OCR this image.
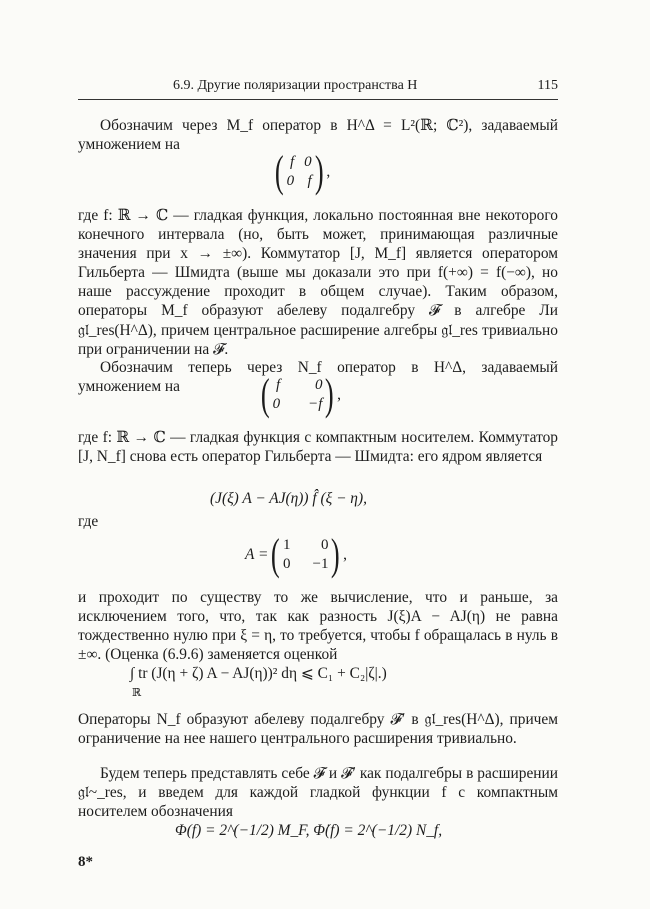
6.9. Другие поляризации пространства H	115
Обозначим через M_f оператор в H^Δ = L²(ℝ; ℂ²), задаваемый умножением на
( f 0
0 f ) ,
где f: ℝ → ℂ — гладкая функция, локально постоянная вне некоторого конечного интервала (но, быть может, принимающая различные значения при x → ±∞). Коммутатор [J, M_f] является оператором Гильберта — Шмидта (выше мы доказали это при f(+∞) = f(−∞), но наше рассуждение проходит в общем случае). Таким образом, операторы M_f образуют абелеву подалгебру 𝓕 в алгебре Ли 𝔤𝔩_res(H^Δ), причем центральное расширение алгебры 𝔤𝔩_res тривиально при ограничении на 𝓕.
Обозначим теперь через N_f оператор в H^Δ, задаваемый умножением на	( f	0
0 −f ) ,
где f: ℝ → ℂ — гладкая функция с компактным носителем. Коммутатор [J, N_f] снова есть оператор Гильберта — Шмидта: его ядром является
(J(ξ) A − AJ(η)) f̂ (ξ − η),
где
A = ( 1	0
0 −1 ) ,
и проходит по существу то же вычисление, что и раньше, за исключением того, что, так как разность J(ξ)A − AJ(η) не равна тождественно нулю при ξ = η, то требуется, чтобы f обращалась в нуль в ±∞. (Оценка (6.9.6) заменяется оценкой
∫ tr (J(η + ζ) A − AJ(η))² dη ⩽ C₁ + C₂|ζ|.)
ℝ
Операторы N_f образуют абелеву подалгебру 𝓕′ в 𝔤𝔩_res(H^Δ), причем ограничение на нее нашего центрального расширения тривиально.
Будем теперь представлять себе 𝓕 и 𝓕′ как подалгебры в расширении 𝔤𝔩~_res, и введем для каждой гладкой функции f с компактным носителем обозначения
Φ(f) = 2^(−1/2) M_F, Φ̇(f) = 2^(−1/2) N_f,
8*
